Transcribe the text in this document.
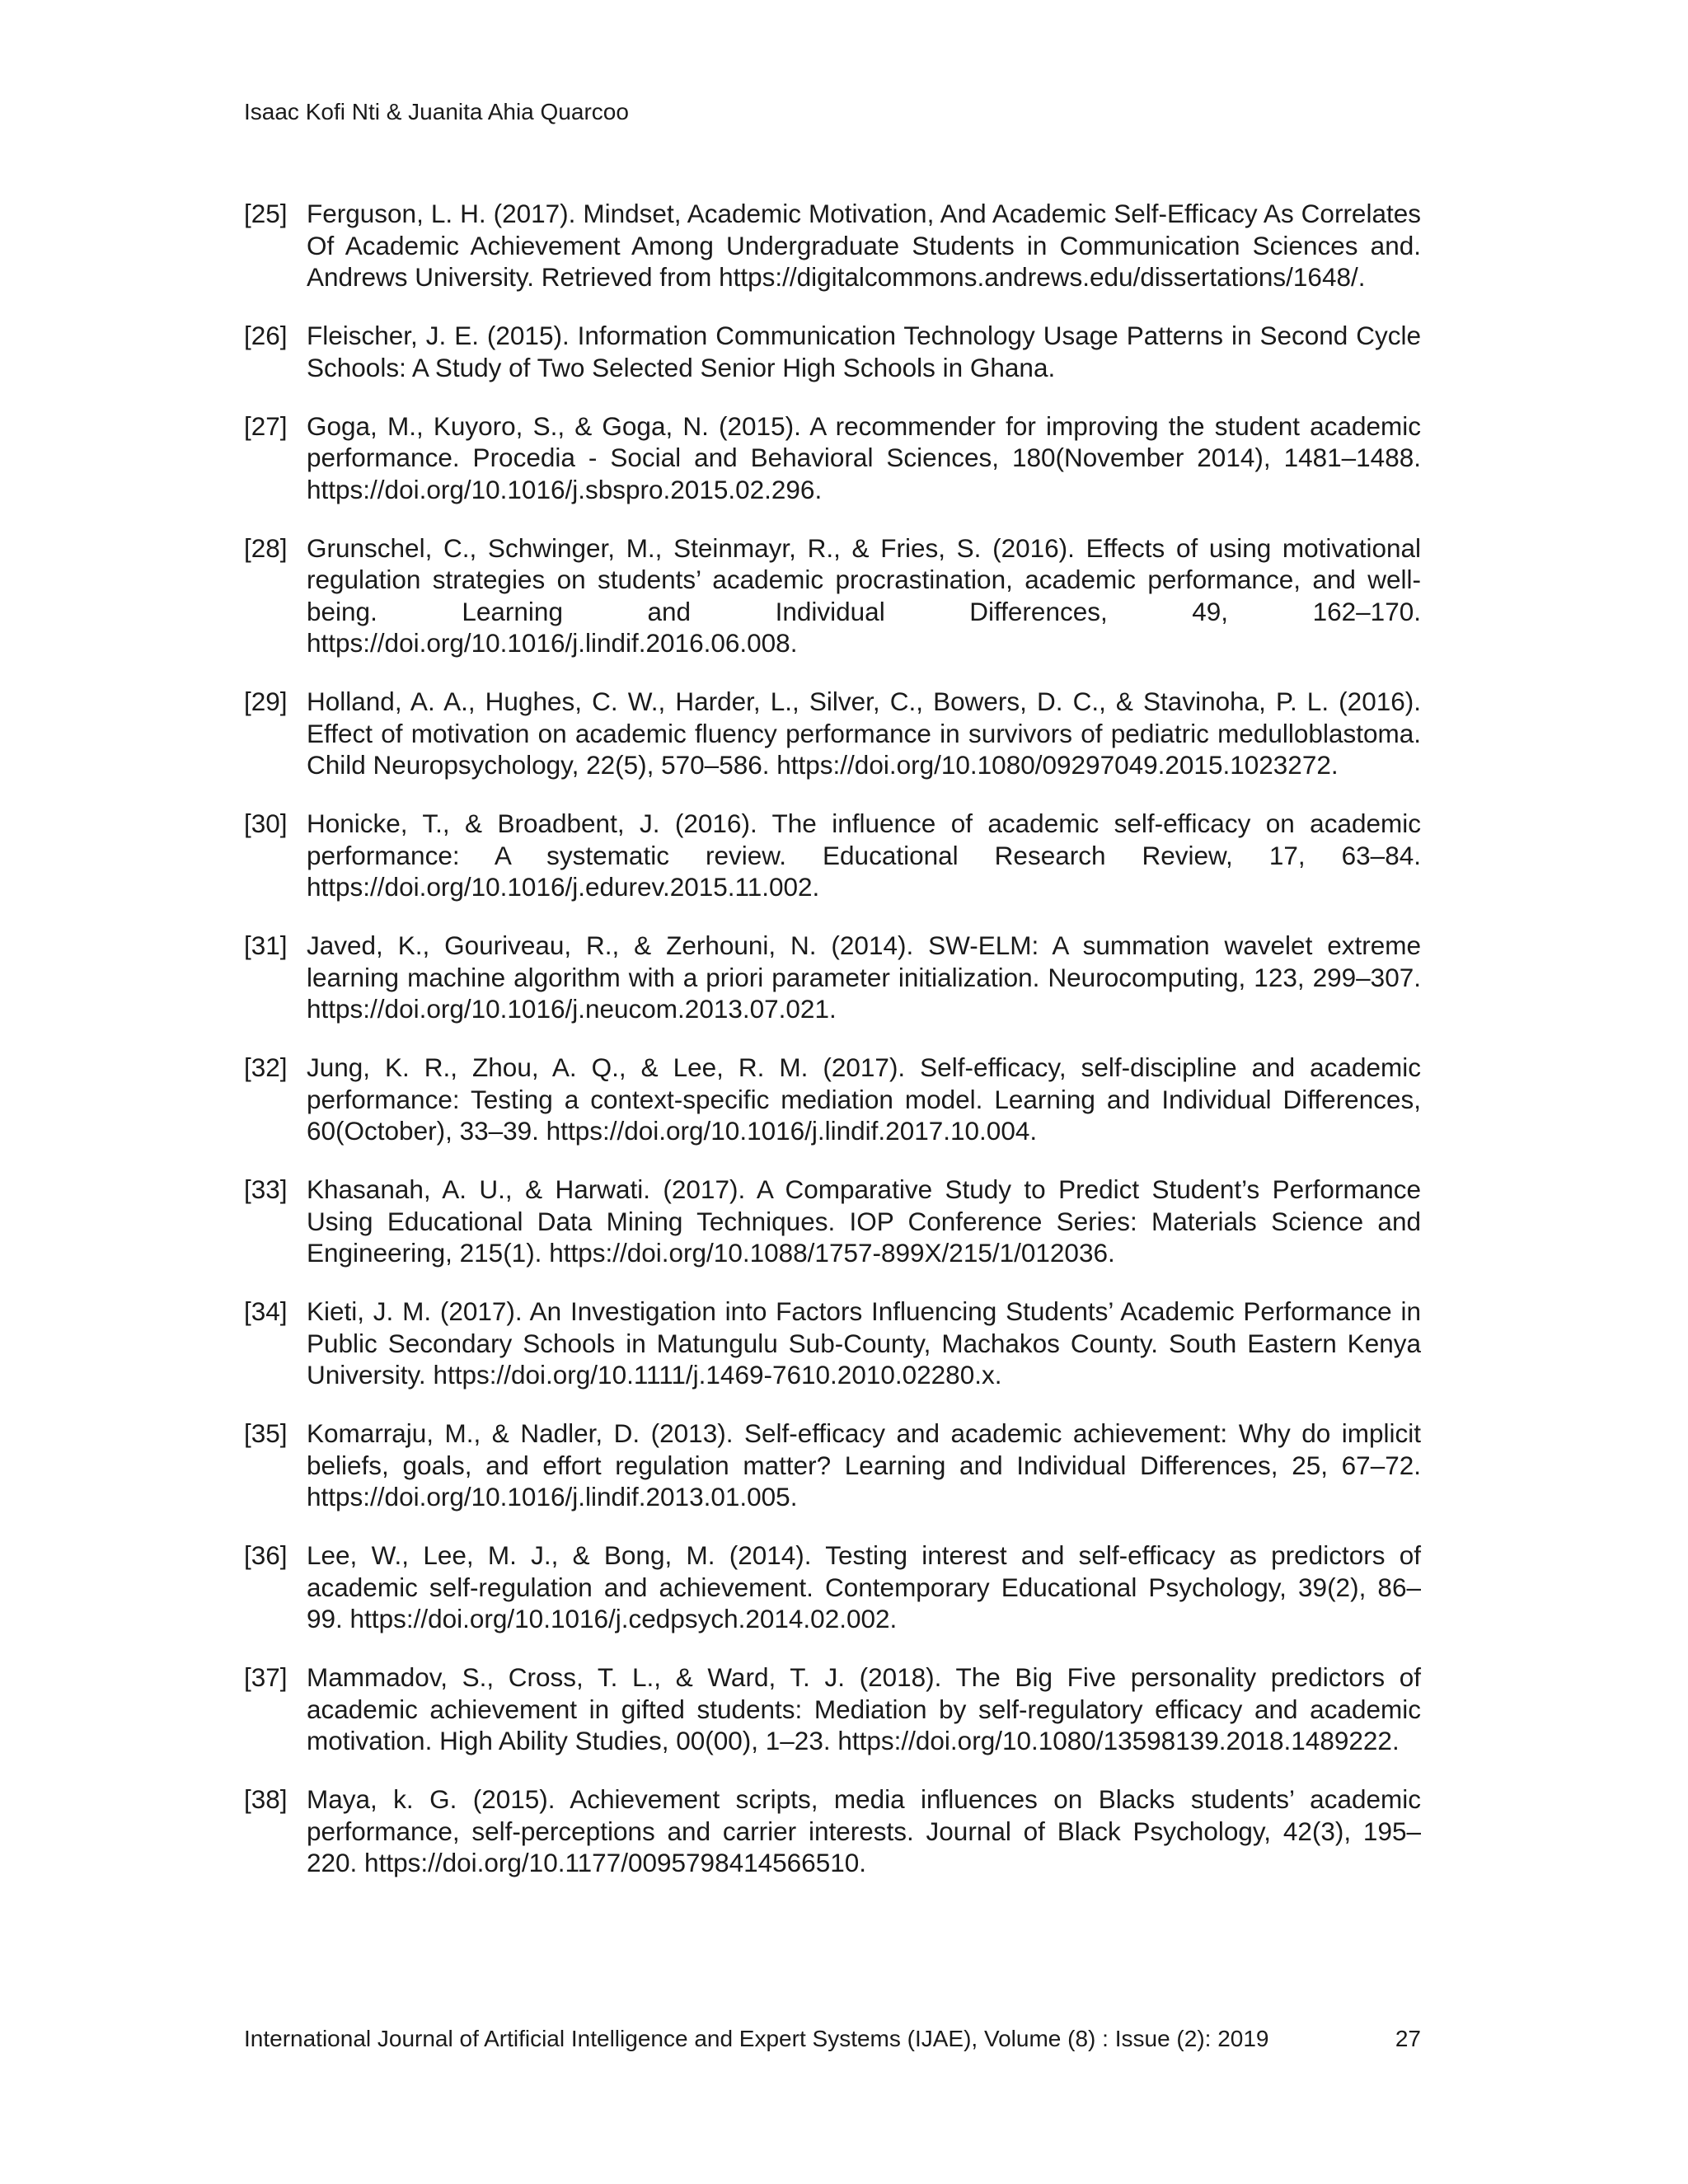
Isaac Kofi Nti & Juanita Ahia Quarcoo
[25] Ferguson, L. H. (2017). Mindset, Academic Motivation, And Academic Self-Efficacy As Correlates Of Academic Achievement Among Undergraduate Students in Communication Sciences and. Andrews University. Retrieved from https://digitalcommons.andrews.edu/dissertations/1648/.
[26] Fleischer, J. E. (2015). Information Communication Technology Usage Patterns in Second Cycle Schools: A Study of Two Selected Senior High Schools in Ghana.
[27] Goga, M., Kuyoro, S., & Goga, N. (2015). A recommender for improving the student academic performance. Procedia - Social and Behavioral Sciences, 180(November 2014), 1481–1488. https://doi.org/10.1016/j.sbspro.2015.02.296.
[28] Grunschel, C., Schwinger, M., Steinmayr, R., & Fries, S. (2016). Effects of using motivational regulation strategies on students’ academic procrastination, academic performance, and well-being. Learning and Individual Differences, 49, 162–170. https://doi.org/10.1016/j.lindif.2016.06.008.
[29] Holland, A. A., Hughes, C. W., Harder, L., Silver, C., Bowers, D. C., & Stavinoha, P. L. (2016). Effect of motivation on academic fluency performance in survivors of pediatric medulloblastoma. Child Neuropsychology, 22(5), 570–586. https://doi.org/10.1080/09297049.2015.1023272.
[30] Honicke, T., & Broadbent, J. (2016). The influence of academic self-efficacy on academic performance: A systematic review. Educational Research Review, 17, 63–84. https://doi.org/10.1016/j.edurev.2015.11.002.
[31] Javed, K., Gouriveau, R., & Zerhouni, N. (2014). SW-ELM: A summation wavelet extreme learning machine algorithm with a priori parameter initialization. Neurocomputing, 123, 299–307. https://doi.org/10.1016/j.neucom.2013.07.021.
[32] Jung, K. R., Zhou, A. Q., & Lee, R. M. (2017). Self-efficacy, self-discipline and academic performance: Testing a context-specific mediation model. Learning and Individual Differences, 60(October), 33–39. https://doi.org/10.1016/j.lindif.2017.10.004.
[33] Khasanah, A. U., & Harwati. (2017). A Comparative Study to Predict Student’s Performance Using Educational Data Mining Techniques. IOP Conference Series: Materials Science and Engineering, 215(1). https://doi.org/10.1088/1757-899X/215/1/012036.
[34] Kieti, J. M. (2017). An Investigation into Factors Influencing Students’ Academic Performance in Public Secondary Schools in Matungulu Sub-County, Machakos County. South Eastern Kenya University. https://doi.org/10.1111/j.1469-7610.2010.02280.x.
[35] Komarraju, M., & Nadler, D. (2013). Self-efficacy and academic achievement: Why do implicit beliefs, goals, and effort regulation matter? Learning and Individual Differences, 25, 67–72. https://doi.org/10.1016/j.lindif.2013.01.005.
[36] Lee, W., Lee, M. J., & Bong, M. (2014). Testing interest and self-efficacy as predictors of academic self-regulation and achievement. Contemporary Educational Psychology, 39(2), 86–99. https://doi.org/10.1016/j.cedpsych.2014.02.002.
[37] Mammadov, S., Cross, T. L., & Ward, T. J. (2018). The Big Five personality predictors of academic achievement in gifted students: Mediation by self-regulatory efficacy and academic motivation. High Ability Studies, 00(00), 1–23. https://doi.org/10.1080/13598139.2018.1489222.
[38] Maya, k. G. (2015). Achievement scripts, media influences on Blacks students’ academic performance, self-perceptions and carrier interests. Journal of Black Psychology, 42(3), 195–220. https://doi.org/10.1177/0095798414566510.
International Journal of Artificial Intelligence and Expert Systems (IJAE), Volume (8) : Issue (2): 2019	27
